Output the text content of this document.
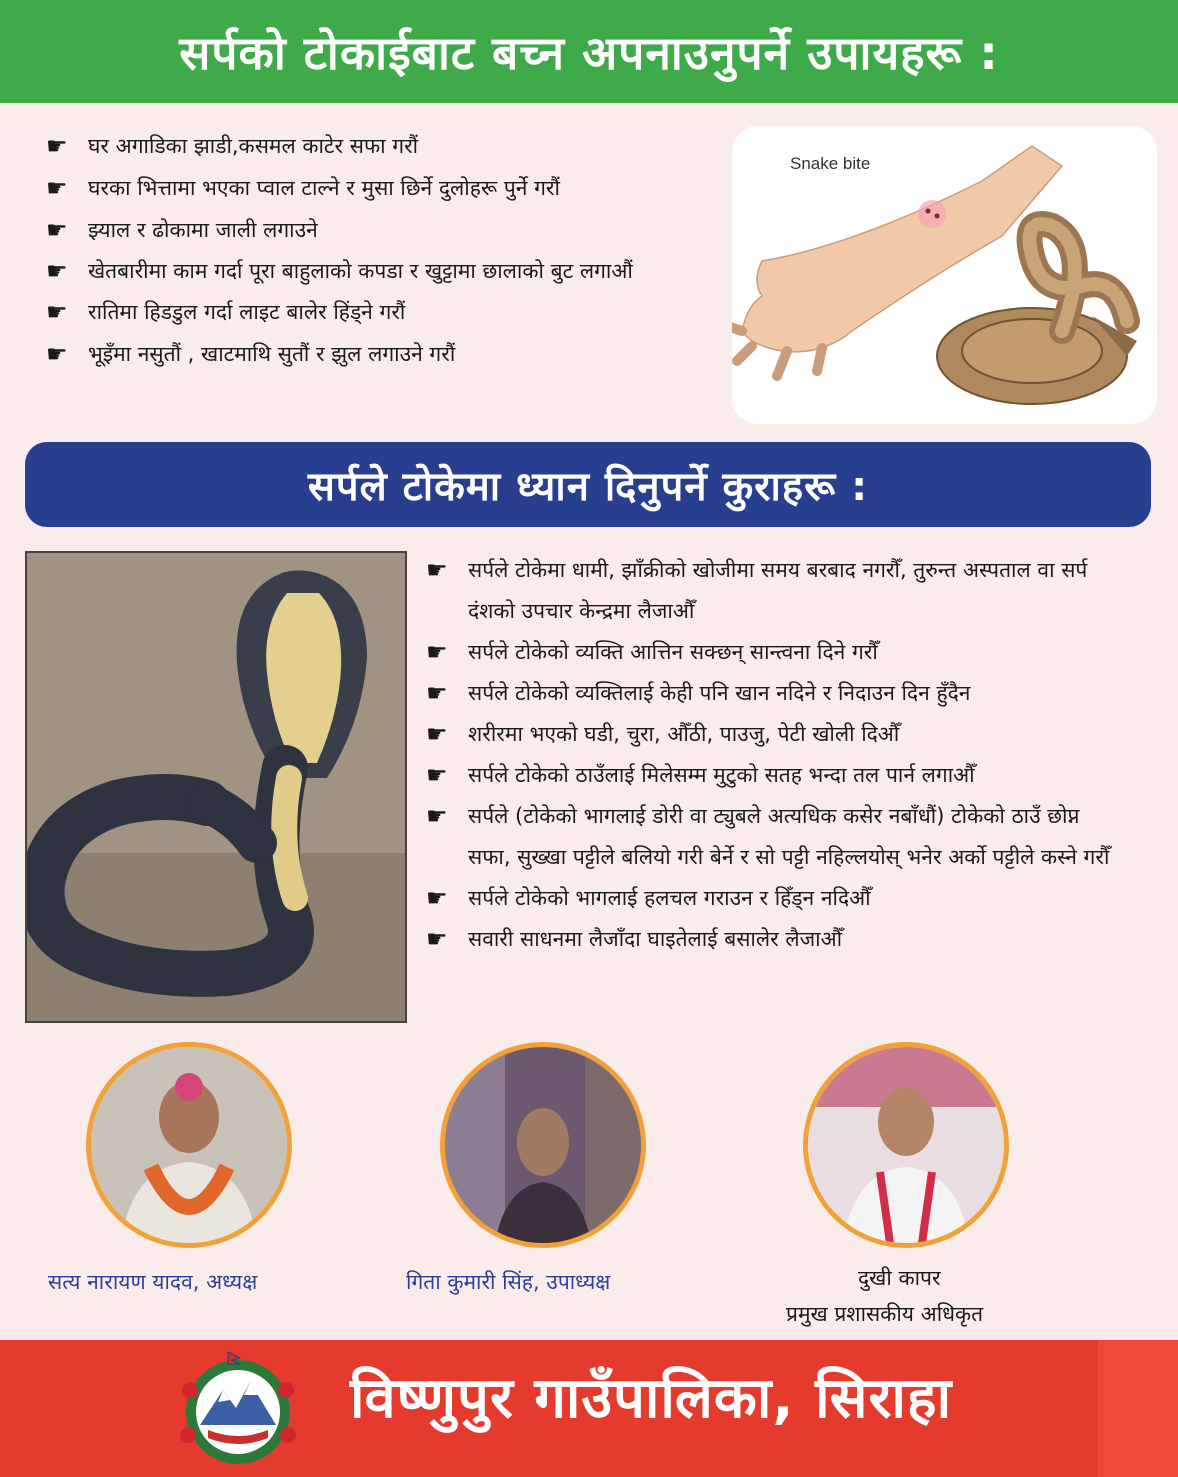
सर्पको टोकाईबाट बच्न अपनाउनुपर्ने उपायहरू :
☛ घर अगाडिका झाडी,कसमल काटेर सफा गरौं
☛ घरका भित्तामा भएका प्वाल टाल्ने र मुसा छिर्ने दुलोहरू पुर्ने गरौं
☛ झ्याल र ढोकामा जाली लगाउने
☛ खेतबारीमा काम गर्दा पूरा बाहुलाको कपडा र खुट्टामा छालाको बुट लगाऔं
☛ रातिमा हिडडुल गर्दा लाइट बालेर हिंड्ने गरौं
☛ भूइँमा नसुतौं , खाटमाथि सुतौं र झुल लगाउने गरौं
Snake bite
सर्पले टोकेमा ध्यान दिनुपर्ने कुराहरू :
☛ सर्पले टोकेमा धामी, झाँक्रीको खोजीमा समय बरबाद नगरौँ, तुरुन्त अस्पताल वा सर्प दंशको उपचार केन्द्रमा लैजाऔँ
☛ सर्पले टोकेको व्यक्ति आत्तिन सक्छन् सान्त्वना दिने गरौँ
☛ सर्पले टोकेको व्यक्तिलाई केही पनि खान नदिने र निदाउन दिन हुँदैन
☛ शरीरमा भएको घडी, चुरा, औँठी, पाउजु, पेटी खोली दिऔँ
☛ सर्पले टोकेको ठाउँलाई मिलेसम्म मुटुको सतह भन्दा तल पार्न लगाऔँ
☛ सर्पले (टोकेको भागलाई डोरी वा ट्युबले अत्यधिक कसेर नबाँधौं) टोकेको ठाउँ छोप्न सफा, सुख्खा पट्टीले बलियो गरी बेर्ने र सो पट्टी नहिल्लयोस् भनेर अर्को पट्टीले कस्ने गरौँ
☛ सर्पले टोकेको भागलाई हलचल गराउन र हिँड्न नदिऔँ
☛ सवारी साधनमा लैजाँदा घाइतेलाई बसालेर लैजाऔँ
सत्य नारायण यादव, अध्यक्ष	गिता कुमारी सिंह, उपाध्यक्ष	दुखी कापर
प्रमुख प्रशासकीय अधिकृत
विष्णुपुर गाउँपालिका, सिराहा
